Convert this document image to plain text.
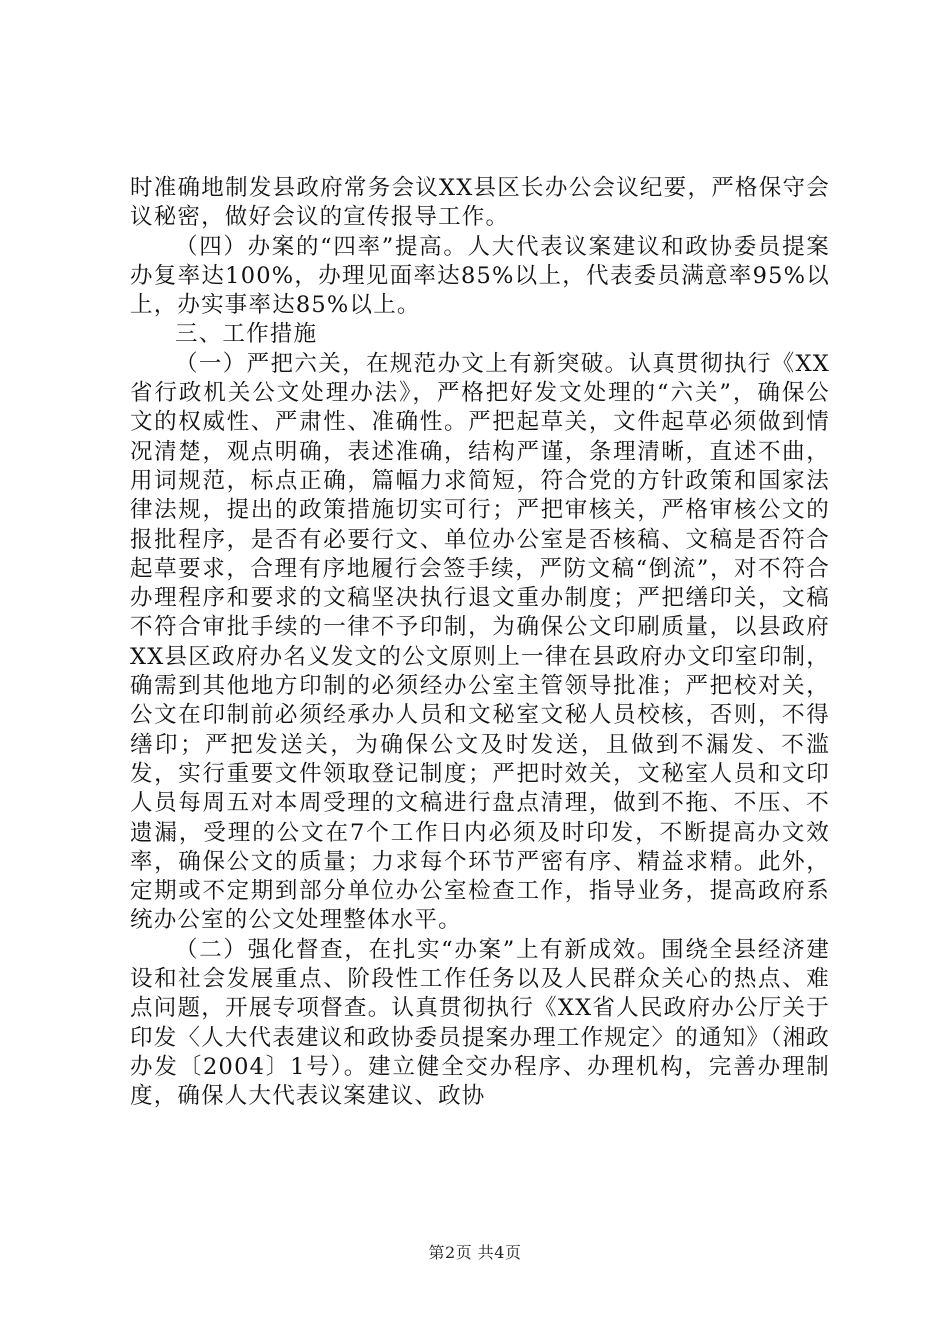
时准确地制发县政府常务会议XX县区长办公会议纪要，严格保守会议秘密，做好会议的宣传报导工作。

（四）办案的“四率”提高。人大代表议案建议和政协委员提案办复率达100%，办理见面率达85%以上，代表委员满意率95%以上，办实事率达85%以上。

三、工作措施

（一）严把六关，在规范办文上有新突破。认真贯彻执行《XX省行政机关公文处理办法》，严格把好发文处理的“六关”，确保公文的权威性、严肃性、准确性。严把起草关，文件起草必须做到情况清楚，观点明确，表述准确，结构严谨，条理清晰，直述不曲，用词规范，标点正确，篇幅力求简短，符合党的方针政策和国家法律法规，提出的政策措施切实可行；严把审核关，严格审核公文的报批程序，是否有必要行文、单位办公室是否核稿、文稿是否符合起草要求，合理有序地履行会签手续，严防文稿“倒流”，对不符合办理程序和要求的文稿坚决执行退文重办制度；严把缮印关，文稿不符合审批手续的一律不予印制，为确保公文印刷质量，以县政府XX县区政府办名义发文的公文原则上一律在县政府办文印室印制，确需到其他地方印制的必须经办公室主管领导批准；严把校对关，公文在印制前必须经承办人员和文秘室文秘人员校核，否则，不得缮印；严把发送关，为确保公文及时发送，且做到不漏发、不滥发，实行重要文件领取登记制度；严把时效关，文秘室人员和文印人员每周五对本周受理的文稿进行盘点清理，做到不拖、不压、不遗漏，受理的公文在7个工作日内必须及时印发，不断提高办文效率，确保公文的质量；力求每个环节严密有序、精益求精。此外，定期或不定期到部分单位办公室检查工作，指导业务，提高政府系统办公室的公文处理整体水平。

（二）强化督查，在扎实“办案”上有新成效。围绕全县经济建设和社会发展重点、阶段性工作任务以及人民群众关心的热点、难点问题，开展专项督查。认真贯彻执行《XX省人民政府办公厅关于印发〈人大代表建议和政协委员提案办理工作规定〉的通知》（湘政办发〔2004〕1号）。建立健全交办程序、办理机构，完善办理制度，确保人大代表议案建议、政协

第2页 共4页
